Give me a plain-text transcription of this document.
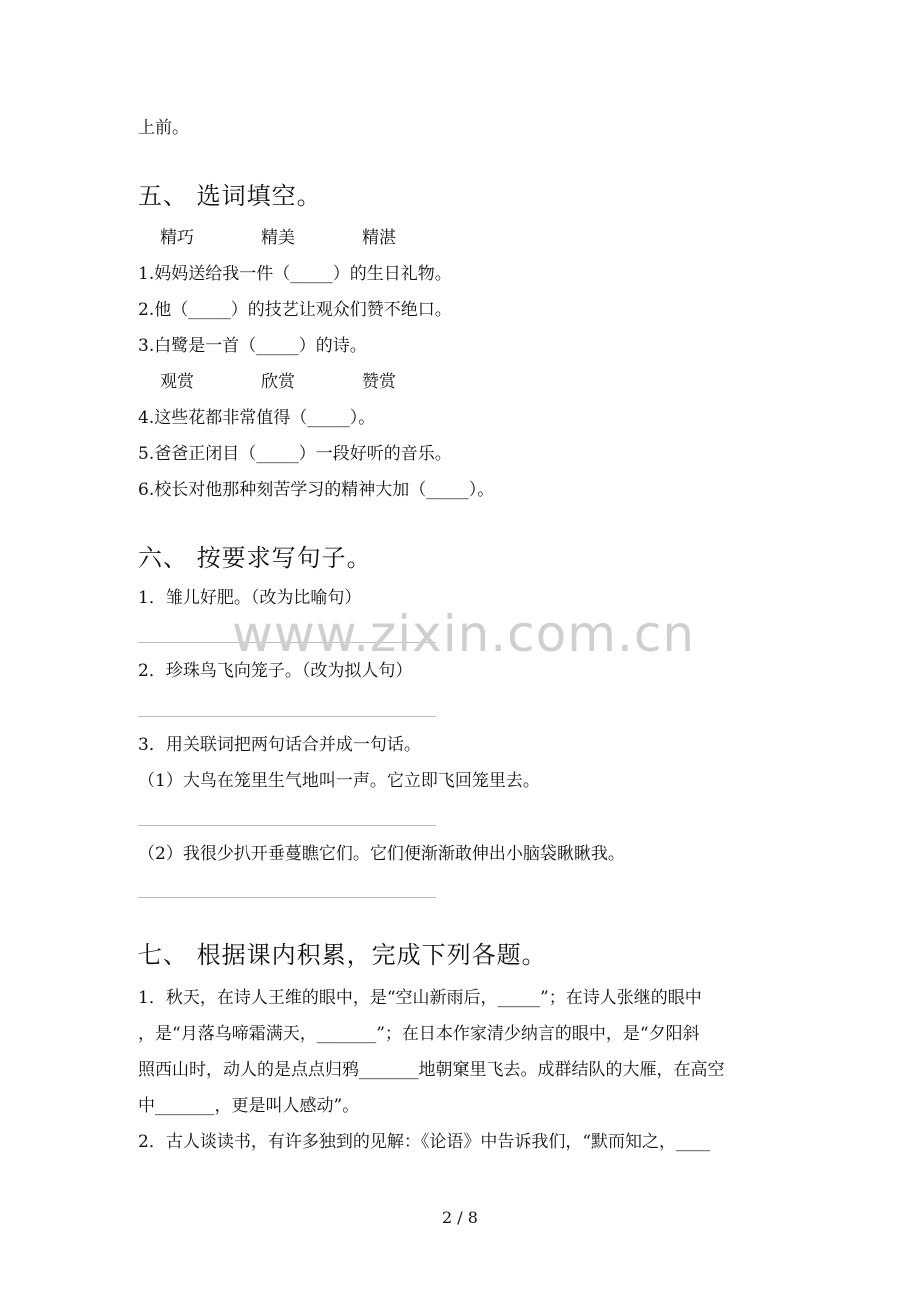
上前。
五、 选词填空。
精巧	精美	精湛
1.妈妈送给我一件（_____）的生日礼物。
2.他（_____）的技艺让观众们赞不绝口。
3.白鹭是一首（_____）的诗。
观赏	欣赏	赞赏
4.这些花都非常值得（_____）。
5.爸爸正闭目（_____）一段好听的音乐。
6.校长对他那种刻苦学习的精神大加（_____）。
六、 按要求写句子。
1．雏儿好肥。（改为比喻句）
2．珍珠鸟飞向笼子。（改为拟人句）
3．用关联词把两句话合并成一句话。
（1）大鸟在笼里生气地叫一声。它立即飞回笼里去。
（2）我很少扒开垂蔓瞧它们。它们便渐渐敢伸出小脑袋瞅瞅我。
七、 根据课内积累，完成下列各题。
1．秋天，在诗人王维的眼中，是“空山新雨后，_____”；在诗人张继的眼中
，是“月落乌啼霜满天，_______”；在日本作家清少纳言的眼中，是“夕阳斜
照西山时，动人的是点点归鸦_______地朝窠里飞去。成群结队的大雁，在高空
中_______，更是叫人感动”。
2．古人谈读书，有许多独到的见解：《论语》中告诉我们，“默而知之，____
www.zixin.com.cn
2 / 8
